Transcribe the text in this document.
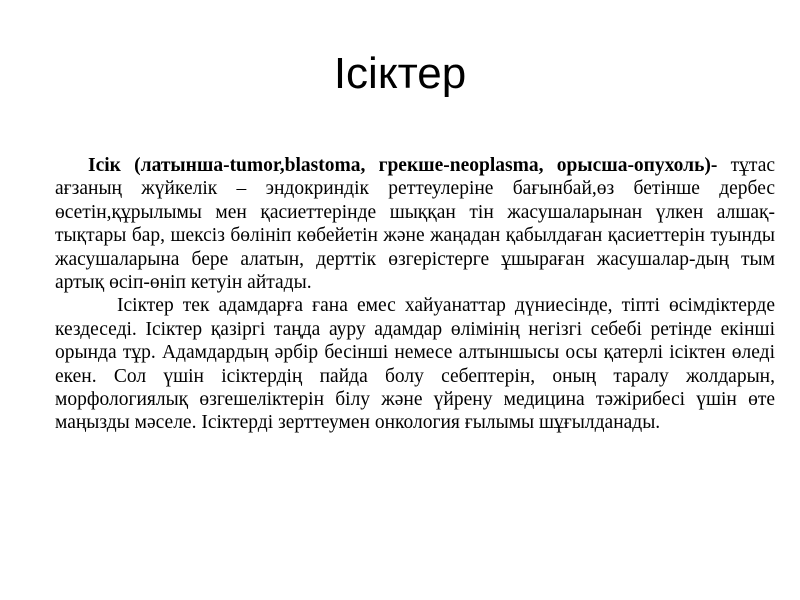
Ісіктер

Ісік (латынша-tumor,blastoma, грекше-neoplasma, орысша-опухоль)- тұтас ағзаның жүйкелік – эндокриндік реттеулеріне бағынбай,өз бетінше дербес өсетін,құрылымы мен қасиеттерінде шыққан тін жасушаларынан үлкен алшақ-тықтары бар, шексіз бөлініп көбейетін және жаңадан қабылдаған қасиеттерін туынды жасушаларына бере алатын, дерттік өзгерістерге ұшыраған жасушалар-дың тым артық өсіп-өніп кетуін айтады.

Ісіктер тек адамдарға ғана емес хайуанаттар дүниесінде, тіпті өсімдіктерде кездеседі. Ісіктер қазіргі таңда ауру адамдар өлімінің негізгі себебі ретінде екінші орында тұр. Адамдардың әрбір бесінші немесе алтыншысы осы қатерлі ісіктен өледі екен. Сол үшін ісіктердің пайда болу себептерін, оның таралу жолдарын, морфологиялық өзгешеліктерін білу және үйрену медицина тәжірибесі үшін өте маңызды мәселе. Ісіктерді зерттеумен онкология ғылымы шұғылданады.
